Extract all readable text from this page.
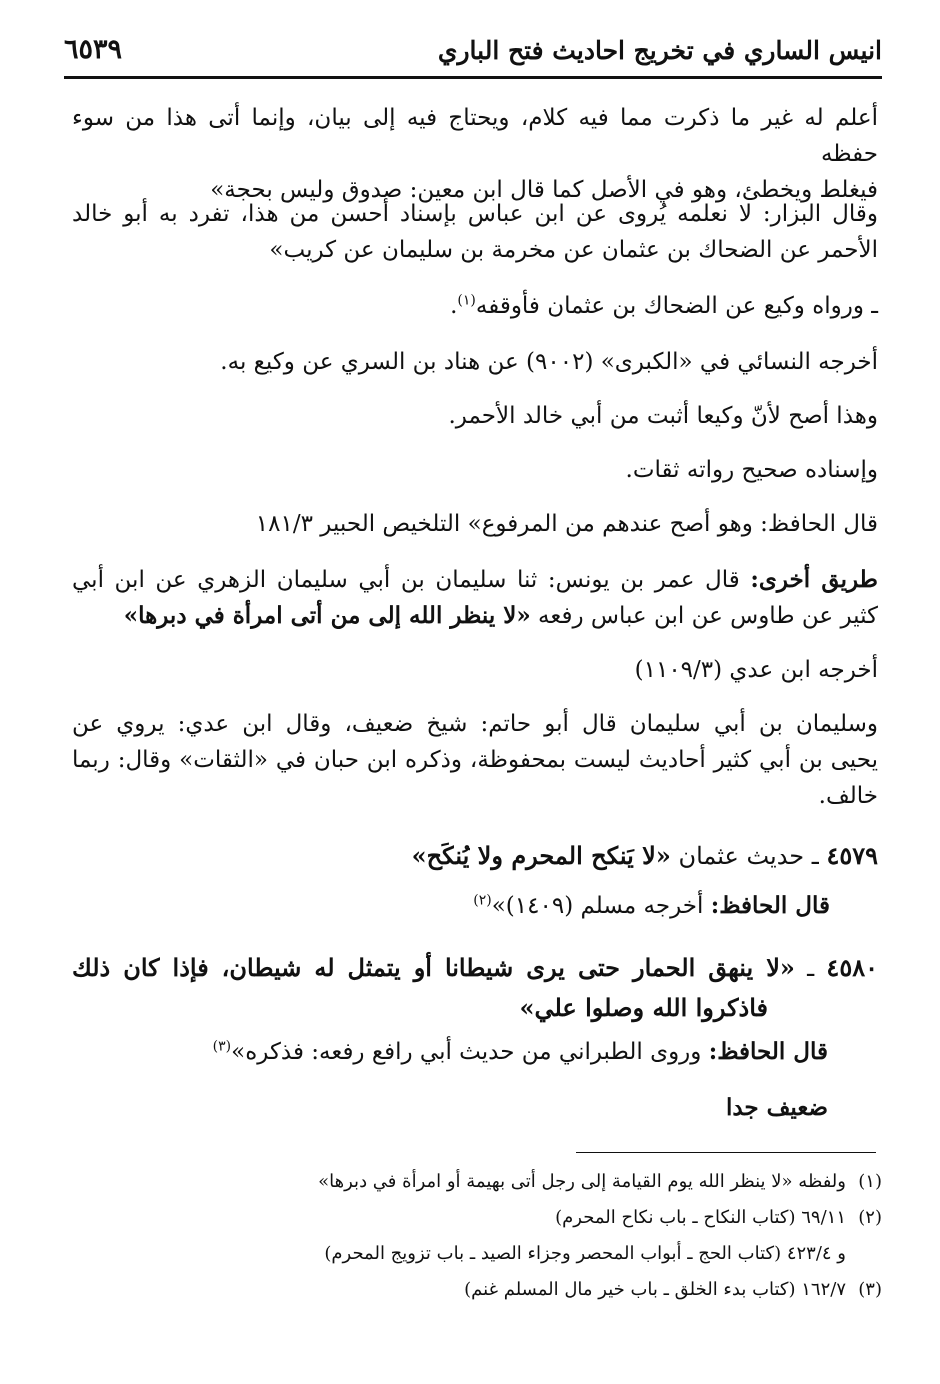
انيس الساري في تخريج احاديث فتح الباري
٦٥٣٩
أعلم له غير ما ذكرت مما فيه كلام، ويحتاج فيه إلى بيان، وإنما أتى هذا من سوء حفظه
فيغلط ويخطئ، وهو في الأصل كما قال ابن معين: صدوق وليس بحجة»
وقال البزار: لا نعلمه يُروى عن ابن عباس بإسناد أحسن من هذا، تفرد به أبو خالد
الأحمر عن الضحاك بن عثمان عن مخرمة بن سليمان عن كريب»
ـ ورواه وكيع عن الضحاك بن عثمان فأوقفه$^{(١)}$.
أخرجه النسائي في «الكبرى» (٩٠٠٢) عن هناد بن السري عن وكيع به.
وهذا أصح لأنّ وكيعا أثبت من أبي خالد الأحمر.
وإسناده صحيح رواته ثقات.
قال الحافظ: وهو أصح عندهم من المرفوع» التلخيص الحبير ١٨١/٣
طريق أخرى: قال عمر بن يونس: ثنا سليمان بن أبي سليمان الزهري عن ابن أبي
كثير عن طاوس عن ابن عباس رفعه «لا ينظر الله إلى من أتى امرأة في دبرها»
أخرجه ابن عدي (١١٠٩/٣)
وسليمان بن أبي سليمان قال أبو حاتم: شيخ ضعيف، وقال ابن عدي: يروي عن
يحيى بن أبي كثير أحاديث ليست بمحفوظة، وذكره ابن حبان في «الثقات» وقال: ربما
خالف.
٤٥٧٩ ـ حديث عثمان «لا يَنكح المحرم ولا يُنكَح»
قال الحافظ: أخرجه مسلم (١٤٠٩)»$^{(٢)}$
٤٥٨٠ ـ «لا ينهق الحمار حتى يرى شيطانا أو يتمثل له شيطان، فإذا كان ذلك
فاذكروا الله وصلوا علي»
قال الحافظ: وروى الطبراني من حديث أبي رافع رفعه: فذكره»$^{(٣)}$
ضعيف جدا
(١)ولفظه «لا ينظر الله يوم القيامة إلى رجل أتى بهيمة أو امرأة في دبرها»
(٢)٦٩/١١ (كتاب النكاح ـ باب نكاح المحرم)
و ٤٢٣/٤ (كتاب الحج ـ أبواب المحصر وجزاء الصيد ـ باب تزويج المحرم)
(٣)١٦٢/٧ (كتاب بدء الخلق ـ باب خير مال المسلم غنم)
